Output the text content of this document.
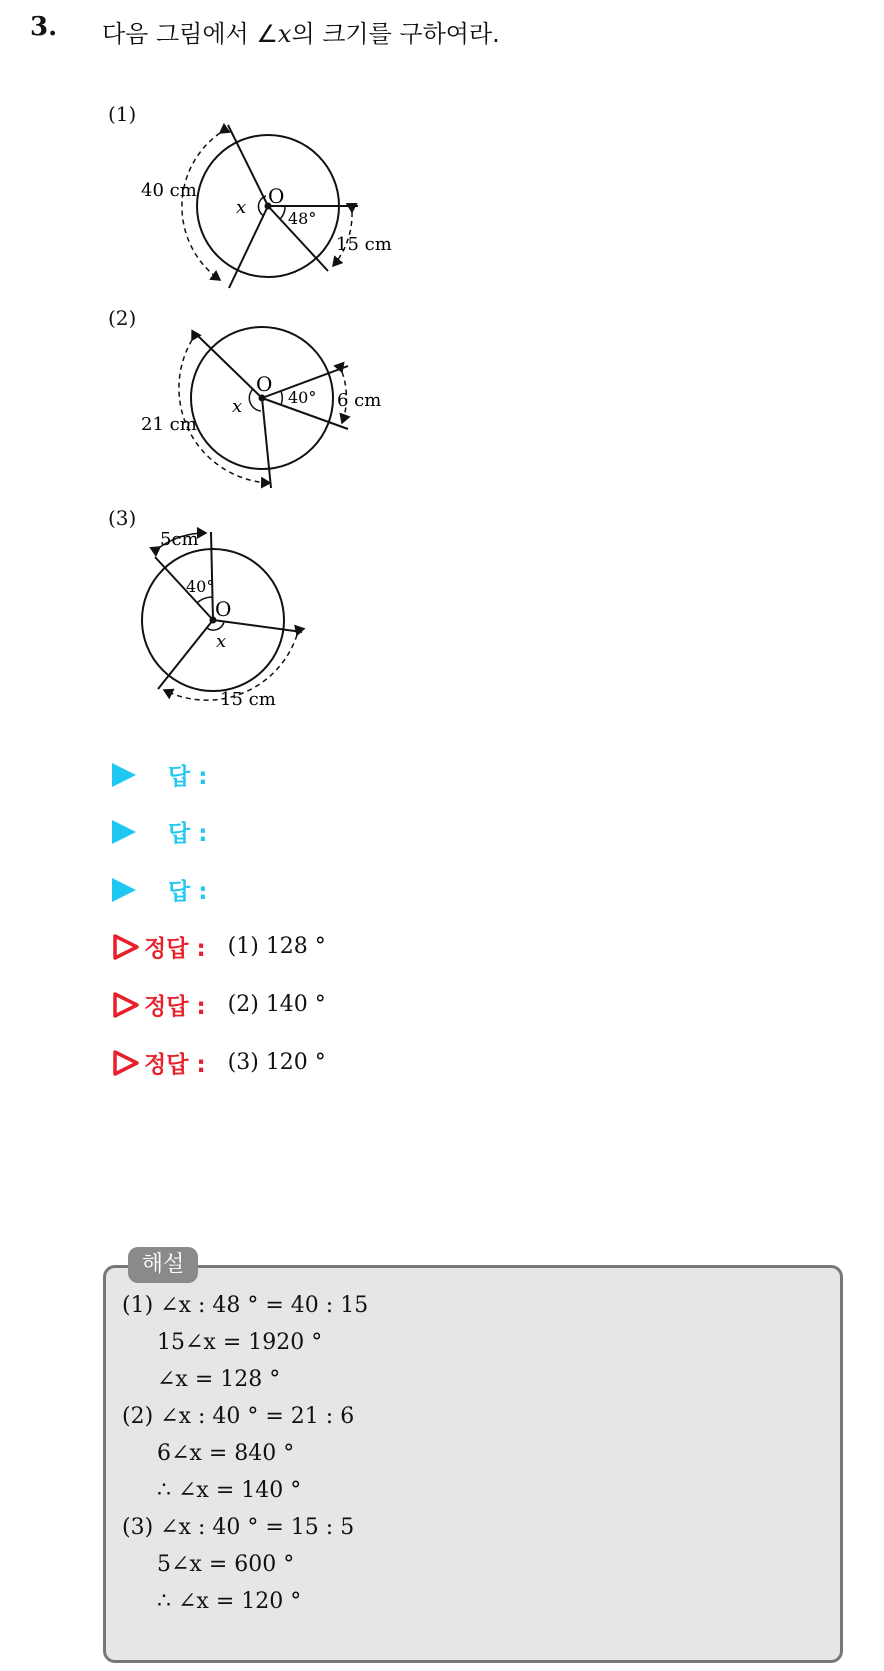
3. 다음 그림에서 ∠x의 크기를 구하여라.
(1)
O
x
48°
40 cm
15 cm
(2)
O
x	40°
21 cm
6 cm
(3)
O
x
40°
5cm
15 cm
답 :
답 :
답 :
정답 : (1) 128 °
정답 : (2) 140 °
정답 : (3) 120 °
해설
(1) ∠x : 48 ° = 40 : 15
15∠x = 1920 °
∠x = 128 °
(2) ∠x : 40 ° = 21 : 6
6∠x = 840 °
∴ ∠x = 140 °
(3) ∠x : 40 ° = 15 : 5
5∠x = 600 °
∴ ∠x = 120 °
